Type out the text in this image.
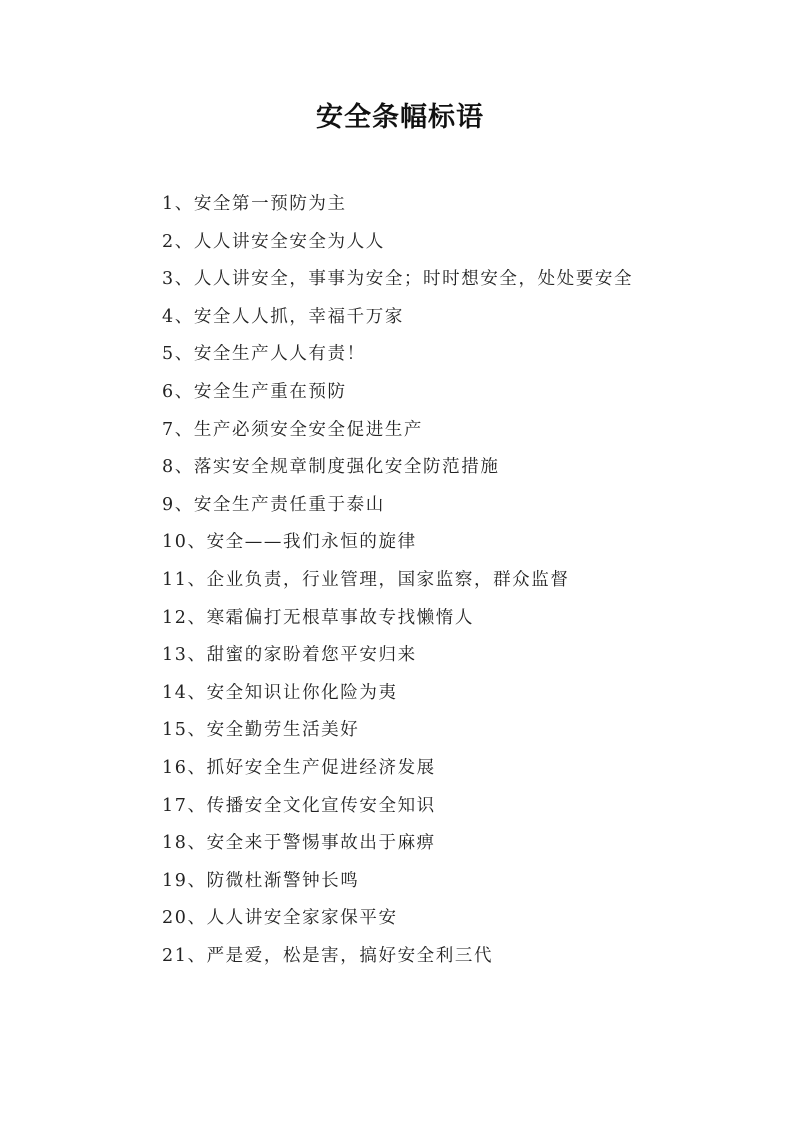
安全条幅标语
1、安全第一预防为主
2、人人讲安全安全为人人
3、人人讲安全，事事为安全；时时想安全，处处要安全
4、安全人人抓，幸福千万家
5、安全生产人人有责！
6、安全生产重在预防
7、生产必须安全安全促进生产
8、落实安全规章制度强化安全防范措施
9、安全生产责任重于泰山
10、安全——我们永恒的旋律
11、企业负责，行业管理，国家监察，群众监督
12、寒霜偏打无根草事故专找懒惰人
13、甜蜜的家盼着您平安归来
14、安全知识让你化险为夷
15、安全勤劳生活美好
16、抓好安全生产促进经济发展
17、传播安全文化宣传安全知识
18、安全来于警惕事故出于麻痹
19、防微杜渐警钟长鸣
20、人人讲安全家家保平安
21、严是爱，松是害，搞好安全利三代
